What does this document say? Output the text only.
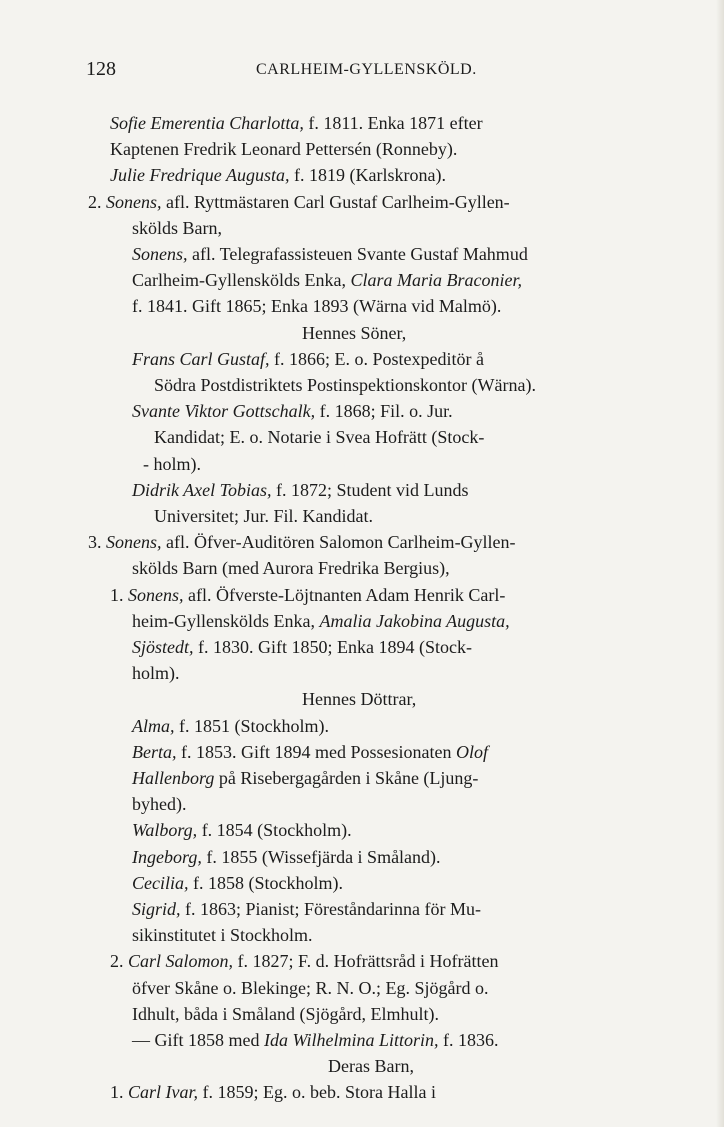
128	CARLHEIM-GYLLENSKÖLD.
Sofie Emerentia Charlotta, f. 1811. Enka 1871 efter
Kaptenen Fredrik Leonard Pettersén (Ronneby).
Julie Fredrique Augusta, f. 1819 (Karlskrona).
2. Sonens, afl. Ryttmästaren Carl Gustaf Carlheim-Gyllen-
skölds Barn,
Sonens, afl. Telegrafassisteuen Svante Gustaf Mahmud
Carlheim-Gyllenskölds Enka, Clara Maria Braconier,
f. 1841. Gift 1865; Enka 1893 (Wärna vid Malmö).
Hennes Söner,
Frans Carl Gustaf, f. 1866; E. o. Postexpeditör å
Södra Postdistriktets Postinspektionskontor (Wärna).
Svante Viktor Gottschalk, f. 1868; Fil. o. Jur.
Kandidat; E. o. Notarie i Svea Hofrätt (Stock-
- holm).
Didrik Axel Tobias, f. 1872; Student vid Lunds
Universitet; Jur. Fil. Kandidat.
3. Sonens, afl. Öfver-Auditören Salomon Carlheim-Gyllen-
skölds Barn (med Aurora Fredrika Bergius),
1. Sonens, afl. Öfverste-Löjtnanten Adam Henrik Carl-
heim-Gyllenskölds Enka, Amalia Jakobina Augusta,
Sjöstedt, f. 1830. Gift 1850; Enka 1894 (Stock-
holm).
Hennes Döttrar,
Alma, f. 1851 (Stockholm).
Berta, f. 1853. Gift 1894 med Possesionaten Olof
Hallenborg på Risebergagården i Skåne (Ljung-
byhed).
Walborg, f. 1854 (Stockholm).
Ingeborg, f. 1855 (Wissefjärda i Småland).
Cecilia, f. 1858 (Stockholm).
Sigrid, f. 1863; Pianist; Föreståndarinna för Mu-
sikinstitutet i Stockholm.
2. Carl Salomon, f. 1827; F. d. Hofrättsråd i Hofrätten
öfver Skåne o. Blekinge; R. N. O.; Eg. Sjögård o.
Idhult, båda i Småland (Sjögård, Elmhult).
— Gift 1858 med Ida Wilhelmina Littorin, f. 1836.
Deras Barn,
1. Carl Ivar, f. 1859; Eg. o. beb. Stora Halla i
